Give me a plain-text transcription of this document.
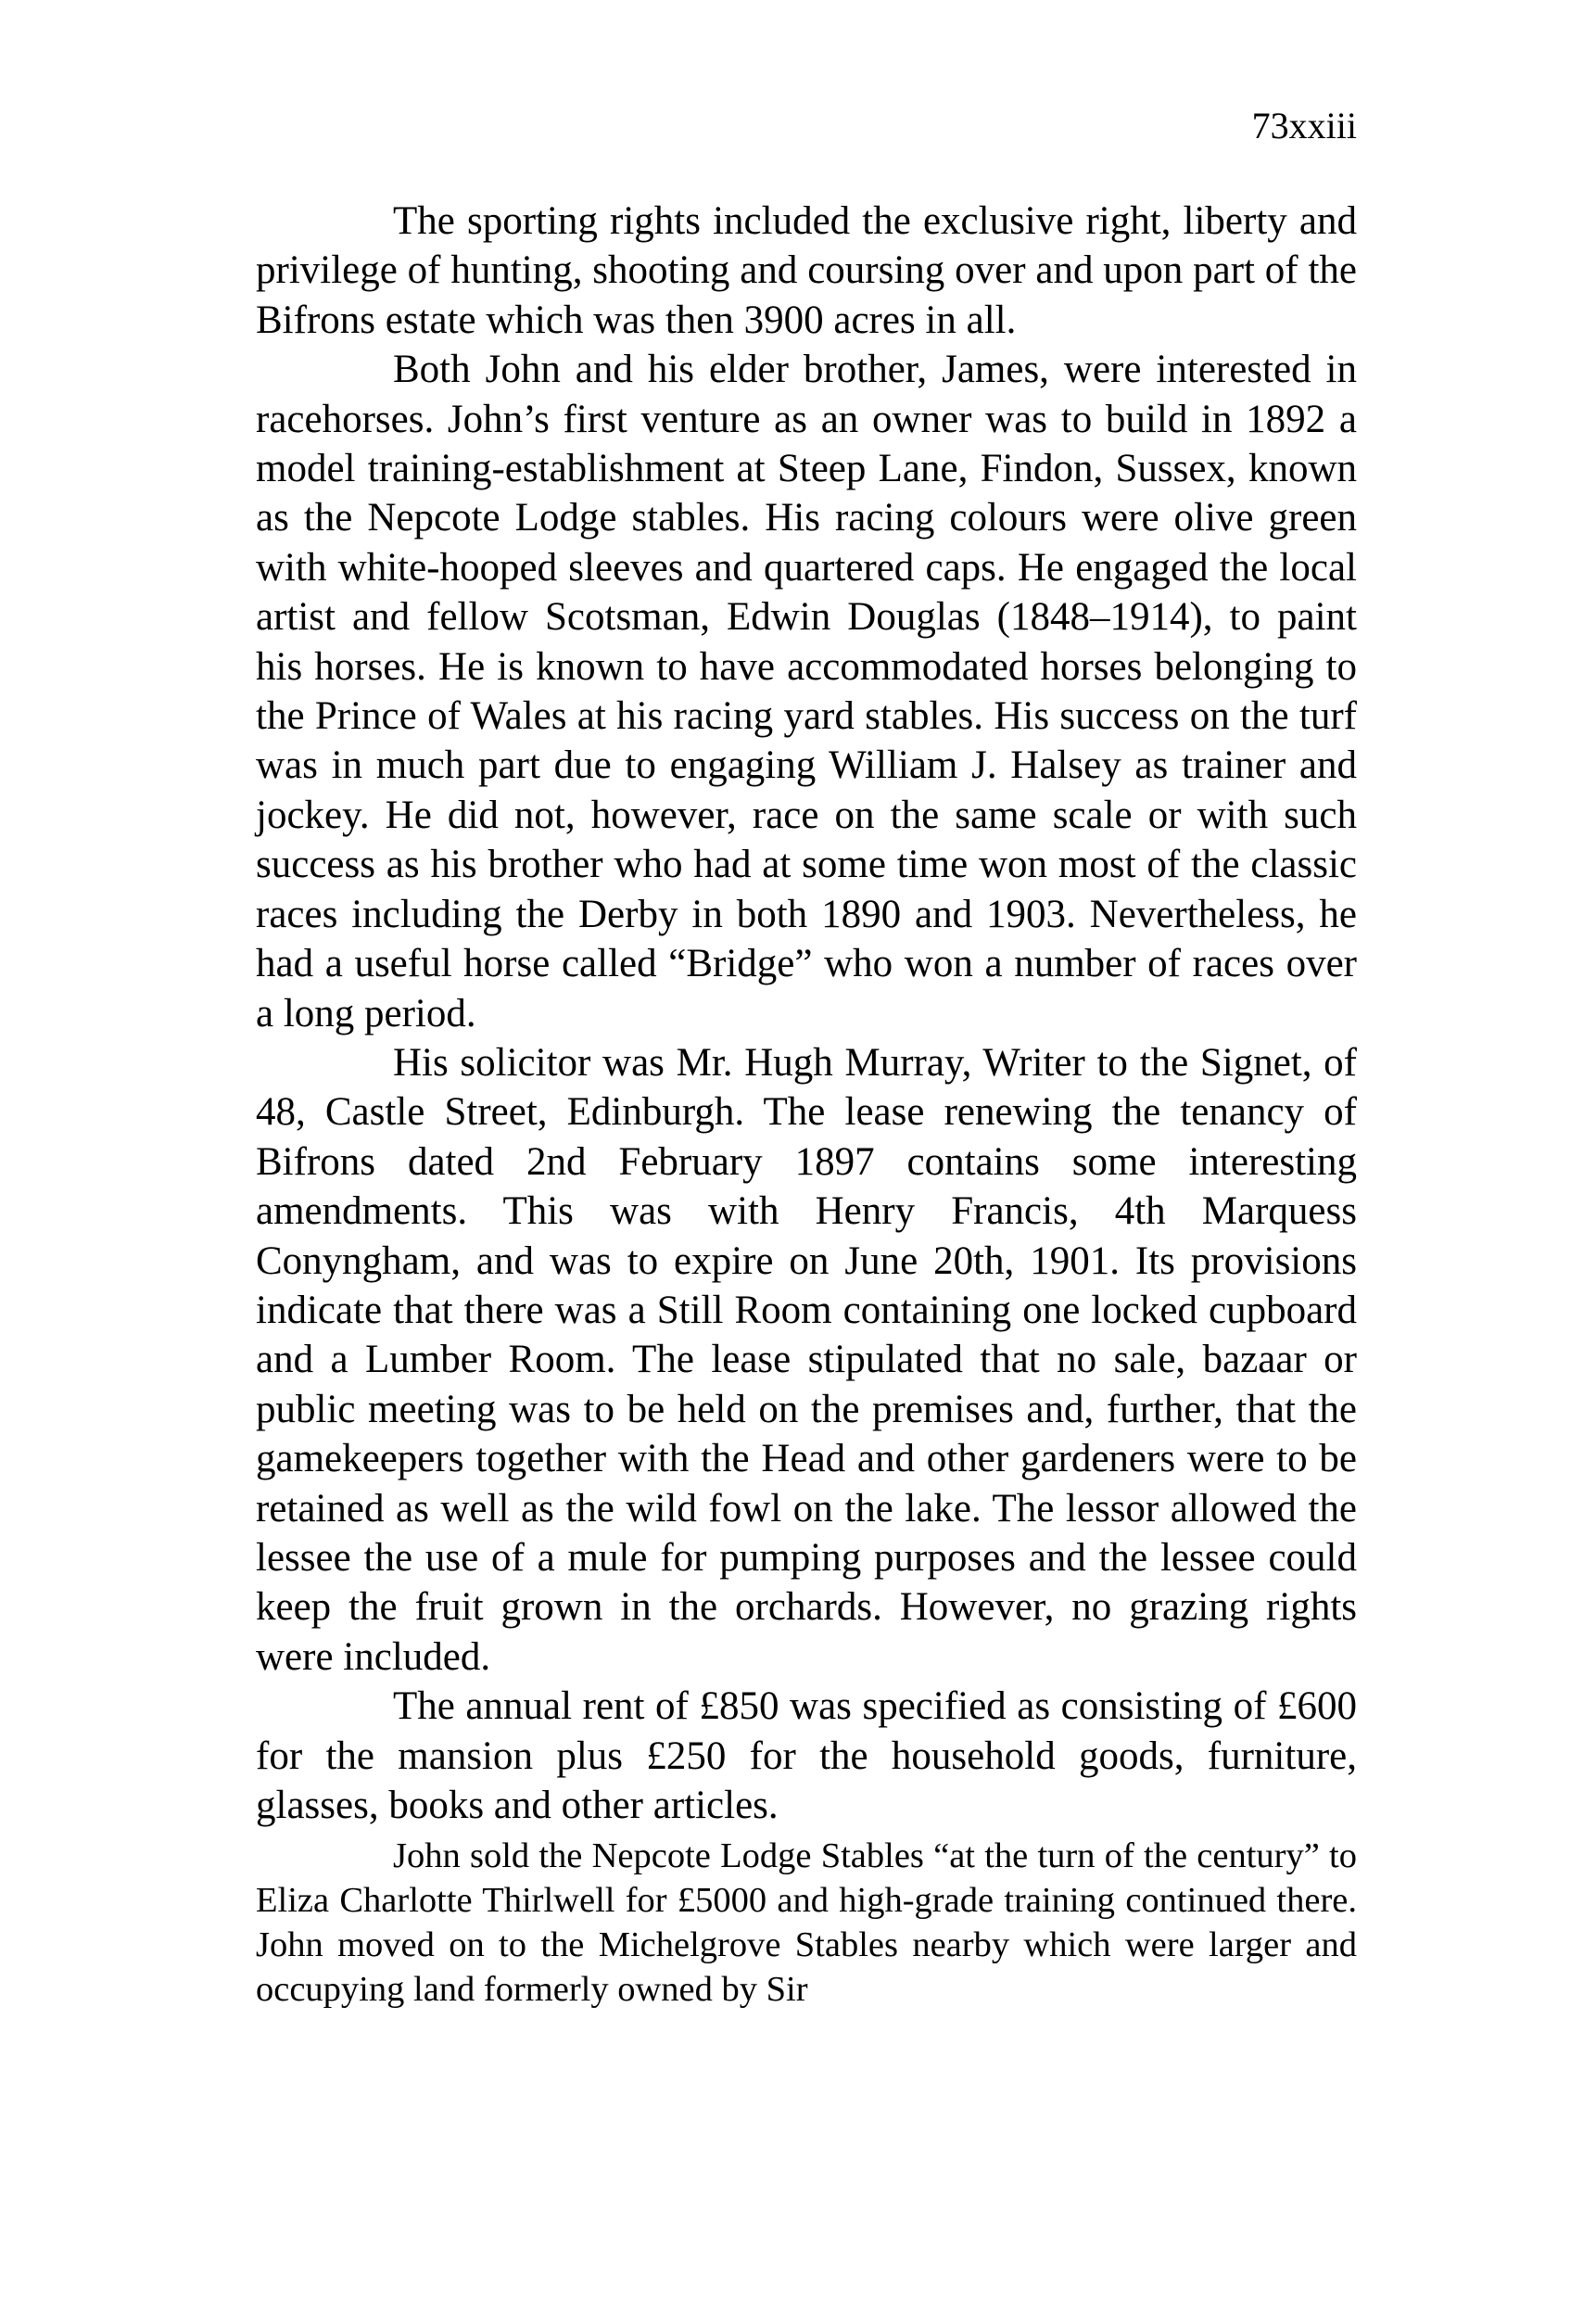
73xxiii

The sporting rights included the exclusive right, liberty and privilege of hunting, shooting and coursing over and upon part of the Bifrons estate which was then 3900 acres in all.

Both John and his elder brother, James, were interested in racehorses. John’s first venture as an owner was to build in 1892 a model training-establishment at Steep Lane, Findon, Sussex, known as the Nepcote Lodge stables. His racing colours were olive green with white-hooped sleeves and quartered caps. He engaged the local artist and fellow Scotsman, Edwin Douglas (1848–1914), to paint his horses. He is known to have accommodated horses belonging to the Prince of Wales at his racing yard stables. His success on the turf was in much part due to engaging William J. Halsey as trainer and jockey. He did not, however, race on the same scale or with such success as his brother who had at some time won most of the classic races including the Derby in both 1890 and 1903. Nevertheless, he had a useful horse called “Bridge” who won a number of races over a long period.

His solicitor was Mr. Hugh Murray, Writer to the Signet, of 48, Castle Street, Edinburgh. The lease renewing the tenancy of Bifrons dated 2nd February 1897 contains some interesting amendments. This was with Henry Francis, 4th Marquess Conyngham, and was to expire on June 20th, 1901. Its provisions indicate that there was a Still Room containing one locked cupboard and a Lumber Room. The lease stipulated that no sale, bazaar or public meeting was to be held on the premises and, further, that the gamekeepers together with the Head and other gardeners were to be retained as well as the wild fowl on the lake. The lessor allowed the lessee the use of a mule for pumping purposes and the lessee could keep the fruit grown in the orchards. However, no grazing rights were included.

The annual rent of £850 was specified as consisting of £600 for the mansion plus £250 for the household goods, furniture, glasses, books and other articles.

John sold the Nepcote Lodge Stables “at the turn of the century” to Eliza Charlotte Thirlwell for £5000 and high-grade training continued there. John moved on to the Michelgrove Stables nearby which were larger and occupying land formerly owned by Sir
